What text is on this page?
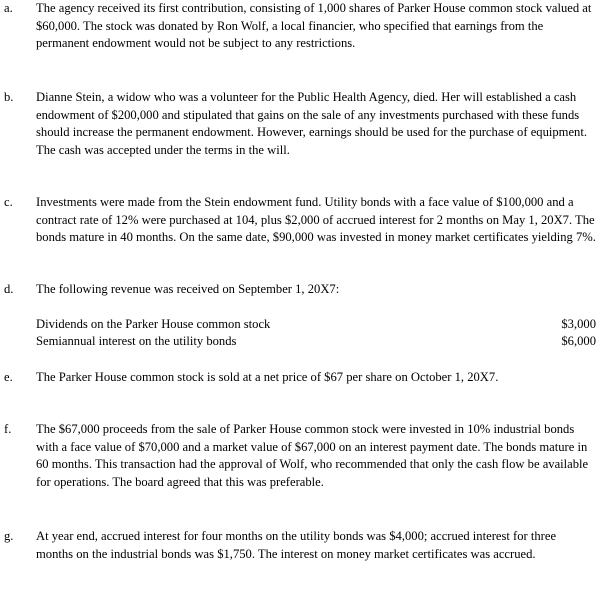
a.	The agency received its first contribution, consisting of 1,000 shares of Parker House common stock valued at $60,000. The stock was donated by Ron Wolf, a local financier, who specified that earnings from the permanent endowment would not be subject to any restrictions.
b.	Dianne Stein, a widow who was a volunteer for the Public Health Agency, died. Her will established a cash endowment of $200,000 and stipulated that gains on the sale of any investments purchased with these funds should increase the permanent endowment. However, earnings should be used for the purchase of equipment. The cash was accepted under the terms in the will.
c.	Investments were made from the Stein endowment fund. Utility bonds with a face value of $100,000 and a contract rate of 12% were purchased at 104, plus $2,000 of accrued interest for 2 months on May 1, 20X7. The bonds mature in 40 months. On the same date, $90,000 was invested in money market certificates yielding 7%.
d.	The following revenue was received on September 1, 20X7:
Dividends on the Parker House common stock	$3,000
Semiannual interest on the utility bonds	$6,000
e.	The Parker House common stock is sold at a net price of $67 per share on October 1, 20X7.
f.	The $67,000 proceeds from the sale of Parker House common stock were invested in 10% industrial bonds with a face value of $70,000 and a market value of $67,000 on an interest payment date. The bonds mature in 60 months. This transaction had the approval of Wolf, who recommended that only the cash flow be available for operations. The board agreed that this was preferable.
g.	At year end, accrued interest for four months on the utility bonds was $4,000; accrued interest for three months on the industrial bonds was $1,750. The interest on money market certificates was accrued.
